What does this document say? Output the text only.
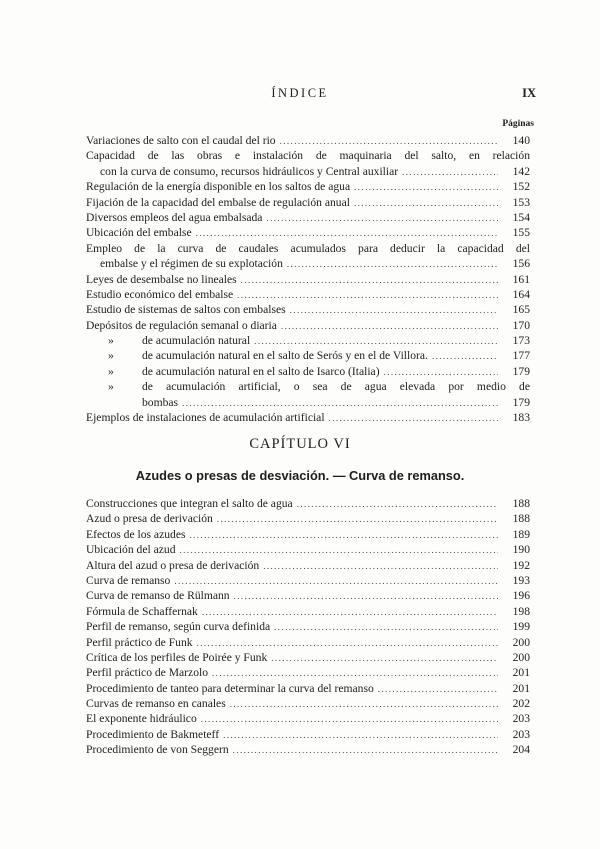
ÍNDICE	IX
Páginas
Variaciones de salto con el caudal del rio .....	140
Capacidad de las obras e instalación de maquinaria del salto, en relación
con la curva de consumo, recursos hidráulicos y Central auxiliar .....	142
Regulación de la energía disponible en los saltos de agua .....	152
Fijación de la capacidad del embalse de regulación anual .....	153
Diversos empleos del agua embalsada .....	154
Ubicación del embalse .....	155
Empleo de la curva de caudales acumulados para deducir la capacidad del
embalse y el régimen de su explotación .....	156
Leyes de desembalse no lineales .....	161
Estudio económico del embalse .....	164
Estudio de sistemas de saltos con embalses .....	165
Depósitos de regulación semanal o diaria .....	170
»	de acumulación natural .....	173
»	de acumulación natural en el salto de Serós y en el de Villora. .....	177
»	de acumulación natural en el salto de Isarco (Italia) .....	179
»	de acumulación artificial, o sea de agua elevada por medio de
bombas .....	179
Ejemplos de instalaciones de acumulación artificial .....	183
CAPÍTULO VI
Azudes o presas de desviación. — Curva de remanso.
Construcciones que integran el salto de agua .....	188
Azud o presa de derivación .....	188
Efectos de los azudes .....	189
Ubicación del azud .....	190
Altura del azud o presa de derivación .....	192
Curva de remanso .....	193
Curva de remanso de Rülmann .....	196
Fórmula de Schaffernak .....	198
Perfil de remanso, según curva definida .....	199
Perfil práctico de Funk .....	200
Crítica de los perfiles de Poirée y Funk .....	200
Perfil práctico de Marzolo .....	201
Procedimiento de tanteo para determinar la curva del remanso .....	201
Curvas de remanso en canales .....	202
El exponente hidráulico .....	203
Procedimiento de Bakmeteff .....	203
Procedimiento de von Seggern .....	204
